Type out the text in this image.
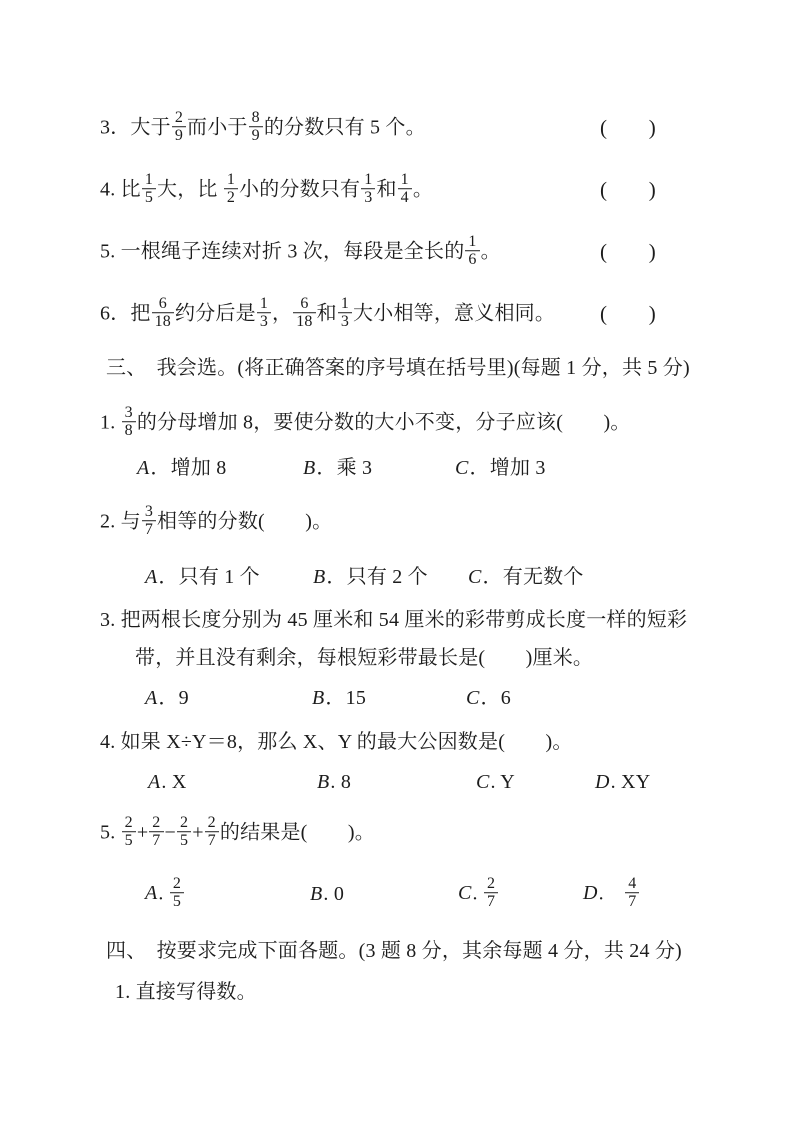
3．大于 $\frac{2}{9}$ 而小于 $\frac{8}{9}$ 的分数只有 5 个。	( )
4. 比 $\frac{1}{5}$ 大，比 $\frac{1}{2}$ 小的分数只有 $\frac{1}{3}$ 和 $\frac{1}{4}$ 。	( )
5. 一根绳子连续对折 3 次，每段是全长的 $\frac{1}{6}$ 。	( )
6．把 $\frac{6}{18}$ 约分后是 $\frac{1}{3}$ ， $\frac{6}{18}$ 和 $\frac{1}{3}$ 大小相等，意义相同。 ( )
三、 我会选。(将正确答案的序号填在括号里)(每题 1 分，共 5 分)
1. $\frac{3}{8}$ 的分母增加 8，要使分数的大小不变，分子应该(　　)。
A．增加 8	B．乘 3	C．增加 3
2. 与 $\frac{3}{7}$ 相等的分数(　　)。
A．只有 1 个	B．只有 2 个 C．有无数个
3. 把两根长度分别为 45 厘米和 54 厘米的彩带剪成长度一样的短彩
带，并且没有剩余，每根短彩带最长是(　　)厘米。
A．9	B．15	C．6
4. 如果 X÷Y＝8，那么 X、Y 的最大公因数是(　　)。
A. X	B. 8	C. Y	D. XY
5. $\frac{2}{5} + \frac{2}{7} - \frac{2}{5} + \frac{2}{7}$ 的结果是(　　)。
A. $\frac{2}{5}$	B. 0	C. $\frac{2}{7}$	D.   $\frac{4}{7}$
四、 按要求完成下面各题。(3 题 8 分，其余每题 4 分，共 24 分)
1. 直接写得数。
